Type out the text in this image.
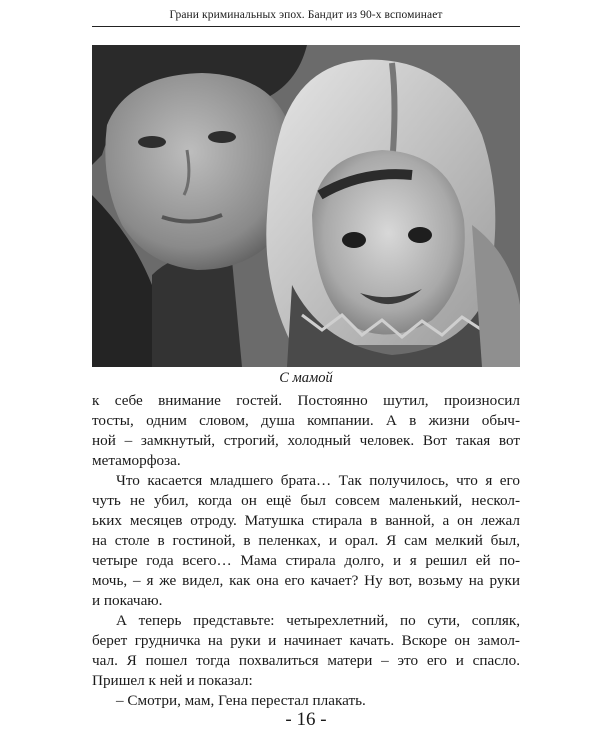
Грани криминальных эпох. Бандит из 90-х вспоминает
С мамой
к себе внимание гостей. Постоянно шутил, произносил
тосты, одним словом, душа компании. А в жизни обыч-
ной – замкнутый, строгий, холодный человек. Вот такая вот
метаморфоза.
Что касается младшего брата… Так получилось, что я его
чуть не убил, когда он ещё был совсем маленький, нескол-
ьких месяцев отроду. Матушка стирала в ванной, а он лежал
на столе в гостиной, в пеленках, и орал. Я сам мелкий был,
четыре года всего… Мама стирала долго, и я решил ей по-
мочь, – я же видел, как она его качает? Ну вот, возьму на руки
и покачаю.
А теперь представьте: четырехлетний, по сути, сопляк,
берет грудничка на руки и начинает качать. Вскоре он замол-
чал. Я пошел тогда похвалиться матери – это его и спасло.
Пришел к ней и показал:
– Смотри, мам, Гена перестал плакать.
- 16 -
